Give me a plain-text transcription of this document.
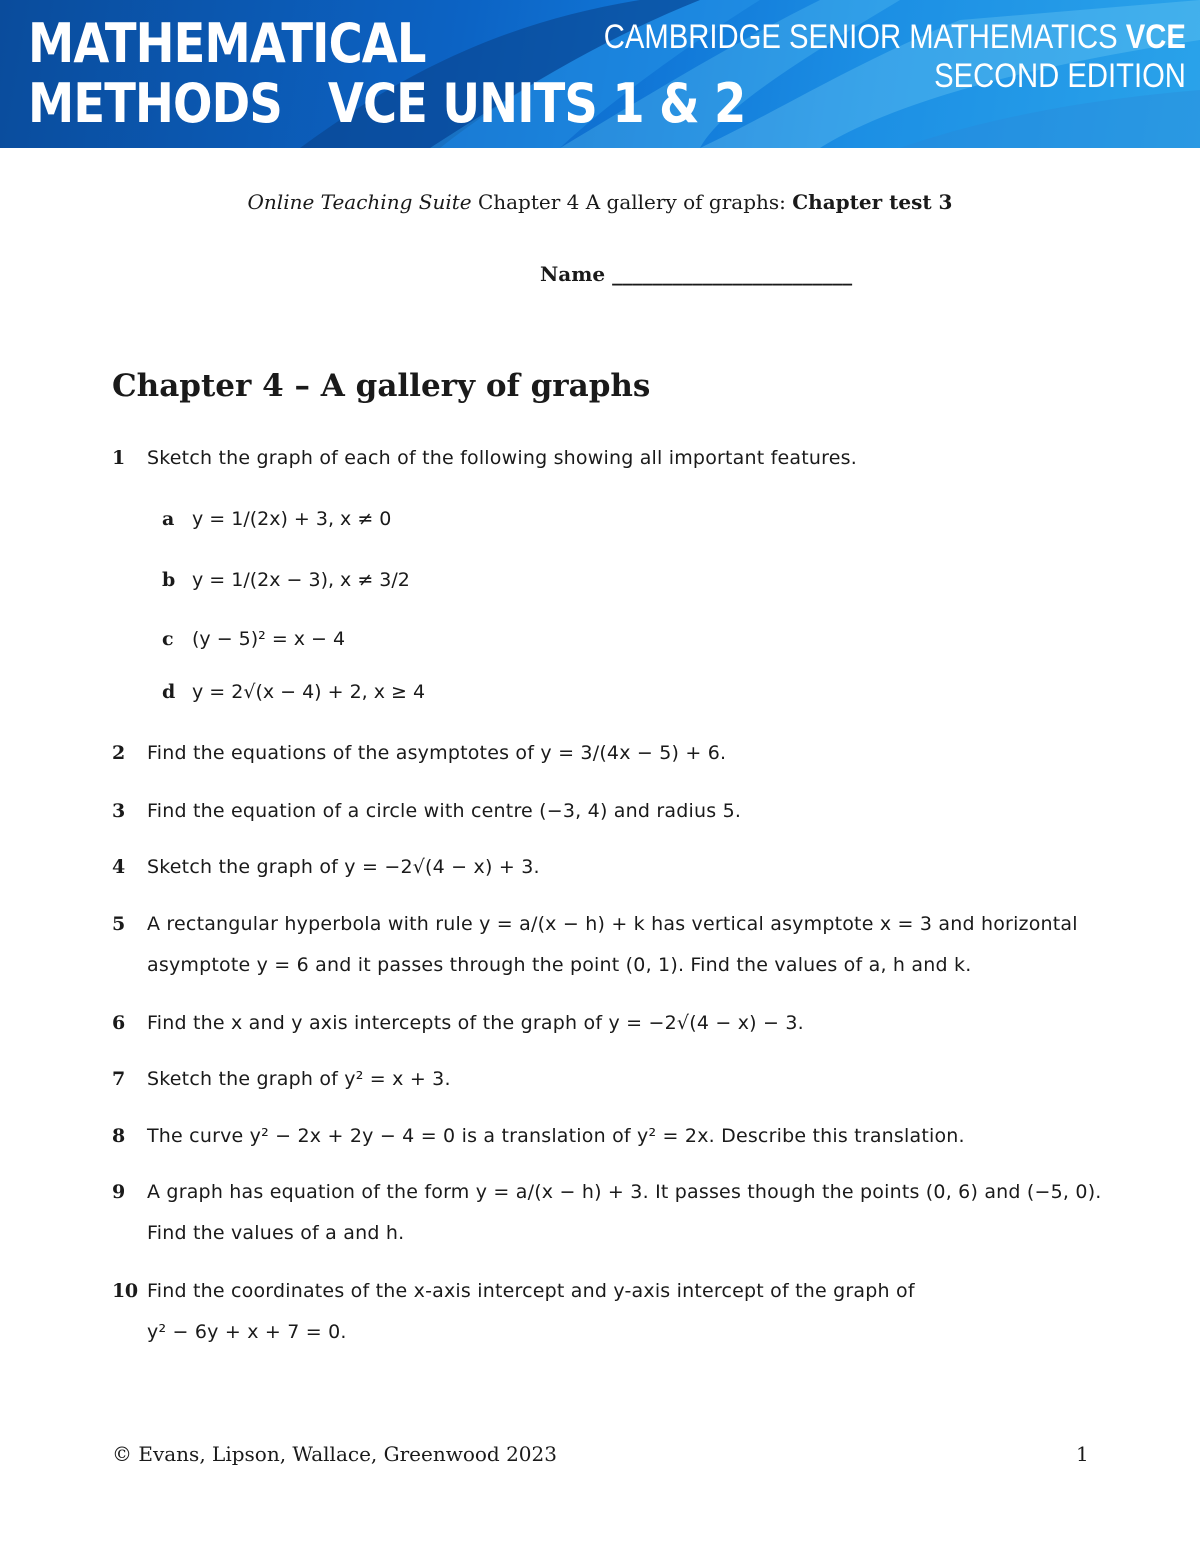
MATHEMATICAL
METHODS   VCE UNITS 1 & 2
CAMBRIDGE SENIOR MATHEMATICS VCE
SECOND EDITION
Online Teaching Suite Chapter 4 A gallery of graphs: Chapter test 3
Name ________________________
Chapter 4 – A gallery of graphs
1 Sketch the graph of each of the following showing all important features.
a y = 1/(2x) + 3, x ≠ 0
b y = 1/(2x − 3), x ≠ 3/2
c (y − 5)² = x − 4
d y = 2√(x − 4) + 2, x ≥ 4
2 Find the equations of the asymptotes of y = 3/(4x − 5) + 6.
3 Find the equation of a circle with centre (−3, 4) and radius 5.
4 Sketch the graph of y = −2√(4 − x) + 3.
5 A rectangular hyperbola with rule y = a/(x − h) + k has vertical asymptote x = 3 and horizontal
asymptote y = 6 and it passes through the point (0, 1). Find the values of a, h and k.
6 Find the x and y axis intercepts of the graph of y = −2√(4 − x) − 3.
7 Sketch the graph of y² = x + 3.
8 The curve y² − 2x + 2y − 4 = 0 is a translation of y² = 2x. Describe this translation.
9 A graph has equation of the form y = a/(x − h) + 3. It passes though the points (0, 6) and (−5, 0).
Find the values of a and h.
10 Find the coordinates of the x-axis intercept and y-axis intercept of the graph of
y² − 6y + x + 7 = 0.
© Evans, Lipson, Wallace, Greenwood 2023	1
